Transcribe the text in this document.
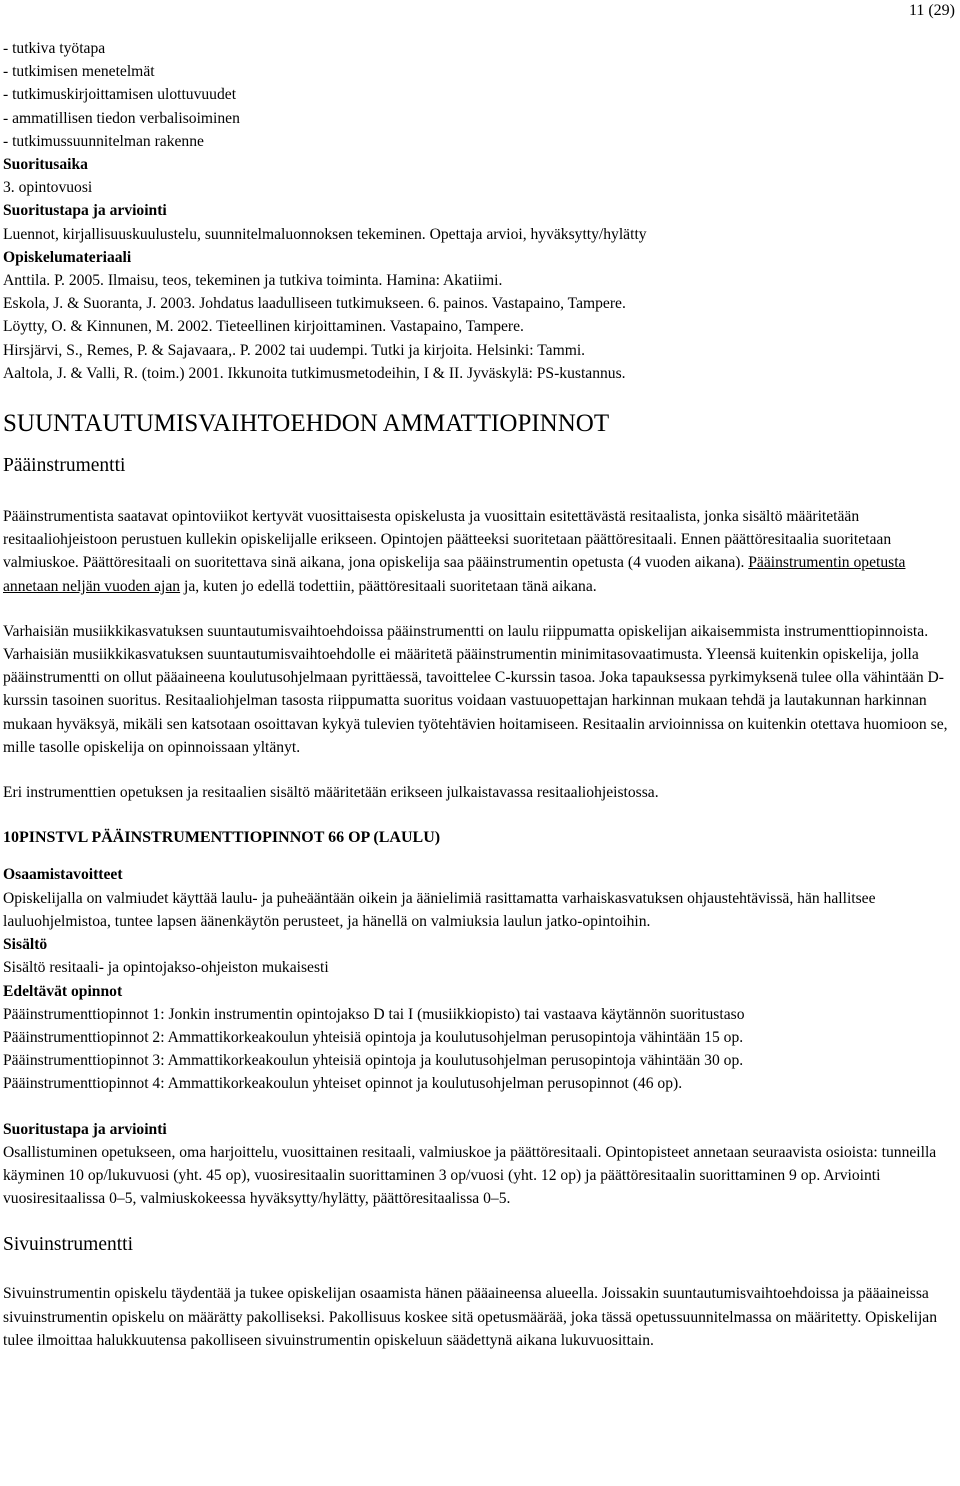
11 (29)

- tutkiva työtapa

- tutkimisen menetelmät

- tutkimuskirjoittamisen ulottuvuudet

- ammatillisen tiedon verbalisoiminen

- tutkimussuunnitelman rakenne

Suoritusaika

3. opintovuosi

Suoritustapa ja arviointi

Luennot, kirjallisuuskuulustelu, suunnitelmaluonnoksen tekeminen. Opettaja arvioi, hyväksytty/hylätty

Opiskelumateriaali

Anttila. P. 2005. Ilmaisu, teos, tekeminen ja tutkiva toiminta. Hamina: Akatiimi.

Eskola, J. & Suoranta, J. 2003. Johdatus laadulliseen tutkimukseen. 6. painos. Vastapaino, Tampere.

Löytty, O. & Kinnunen, M. 2002. Tieteellinen kirjoittaminen. Vastapaino, Tampere.

Hirsjärvi, S., Remes, P. & Sajavaara,. P. 2002 tai uudempi. Tutki ja kirjoita. Helsinki: Tammi.

Aaltola, J. & Valli, R. (toim.) 2001. Ikkunoita tutkimusmetodeihin, I & II. Jyväskylä: PS-kustannus.

SUUNTAUTUMISVAIHTOEHDON AMMATTIOPINNOT

Pääinstrumentti

Pääinstrumentista saatavat opintoviikot kertyvät vuosittaisesta opiskelusta ja vuosittain esitettävästä resitaalista, jonka sisältö määritetään resitaaliohjeistoon perustuen kullekin opiskelijalle erikseen. Opintojen päätteeksi suoritetaan päättöresitaali. Ennen päättöresitaalia suoritetaan valmiuskoe. Päättöresitaali on suoritettava sinä aikana, jona opiskelija saa pääinstrumentin opetusta (4 vuoden aikana). Pääinstrumentin opetusta annetaan neljän vuoden ajan ja, kuten jo edellä todettiin, päättöresitaali suoritetaan tänä aikana.

Varhaisiän musiikkikasvatuksen suuntautumisvaihtoehdoissa pääinstrumentti on laulu riippumatta opiskelijan aikaisemmista instrumenttiopinnoista. Varhaisiän musiikkikasvatuksen suuntautumisvaihtoehdolle ei määritetä pääinstrumentin minimitasovaatimusta. Yleensä kuitenkin opiskelija, jolla pääinstrumentti on ollut pääaineena koulutusohjelmaan pyrittäessä, tavoittelee C-kurssin tasoa. Joka tapauksessa pyrkimyksenä tulee olla vähintään D-kurssin tasoinen suoritus. Resitaaliohjelman tasosta riippumatta suoritus voidaan vastuuopettajan harkinnan mukaan tehdä ja lautakunnan harkinnan mukaan hyväksyä, mikäli sen katsotaan osoittavan kykyä tulevien työtehtävien hoitamiseen. Resitaalin arvioinnissa on kuitenkin otettava huomioon se, mille tasolle opiskelija on opinnoissaan yltänyt.

Eri instrumenttien opetuksen ja resitaalien sisältö määritetään erikseen julkaistavassa resitaaliohjeistossa.

10PINSTVL PÄÄINSTRUMENTTIOPINNOT 66 OP (LAULU)

Osaamistavoitteet

Opiskelijalla on valmiudet käyttää laulu- ja puheääntään oikein ja äänielimiä rasittamatta varhaiskasvatuksen ohjaustehtävissä, hän hallitsee lauluohjelmistoa, tuntee lapsen äänenkäytön perusteet, ja hänellä on valmiuksia laulun jatko-opintoihin.

Sisältö

Sisältö resitaali- ja opintojakso-ohjeiston mukaisesti

Edeltävät opinnot

Pääinstrumenttiopinnot 1: Jonkin instrumentin opintojakso D tai I (musiikkiopisto) tai vastaava käytännön suoritustaso

Pääinstrumenttiopinnot 2: Ammattikorkeakoulun yhteisiä opintoja ja koulutusohjelman perusopintoja vähintään 15 op.

Pääinstrumenttiopinnot 3: Ammattikorkeakoulun yhteisiä opintoja ja koulutusohjelman perusopintoja vähintään 30 op.

Pääinstrumenttiopinnot 4: Ammattikorkeakoulun yhteiset opinnot ja koulutusohjelman perusopinnot (46 op).

Suoritustapa ja arviointi

Osallistuminen opetukseen, oma harjoittelu, vuosittainen resitaali, valmiuskoe ja päättöresitaali. Opintopisteet annetaan seuraavista osioista: tunneilla käyminen 10 op/lukuvuosi (yht. 45 op), vuosiresitaalin suorittaminen 3 op/vuosi (yht. 12 op) ja päättöresitaalin suorittaminen 9 op. Arviointi vuosiresitaalissa 0–5, valmiuskokeessa hyväksytty/hylätty, päättöresitaalissa 0–5.

Sivuinstrumentti

Sivuinstrumentin opiskelu täydentää ja tukee opiskelijan osaamista hänen pääaineensa alueella. Joissakin suuntautumisvaihtoehdoissa ja pääaineissa sivuinstrumentin opiskelu on määrätty pakolliseksi. Pakollisuus koskee sitä opetusmäärää, joka tässä opetussuunnitelmassa on määritetty. Opiskelijan tulee ilmoittaa halukkuutensa pakolliseen sivuinstrumentin opiskeluun säädettynä aikana lukuvuosittain.
